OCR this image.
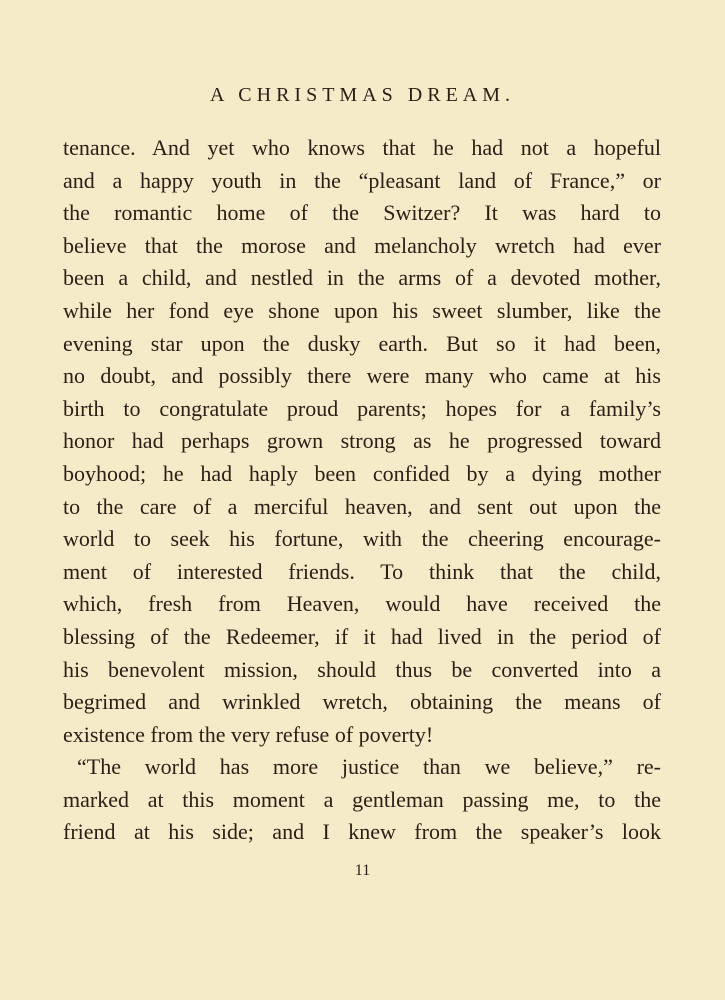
A CHRISTMAS DREAM.
tenance. And yet who knows that he had not a hopeful
and a happy youth in the “pleasant land of France,” or
the romantic home of the Switzer? It was hard to
believe that the morose and melancholy wretch had ever
been a child, and nestled in the arms of a devoted mother,
while her fond eye shone upon his sweet slumber, like the
evening star upon the dusky earth. But so it had been,
no doubt, and possibly there were many who came at his
birth to congratulate proud parents; hopes for a family’s
honor had perhaps grown strong as he progressed toward
boyhood; he had haply been confided by a dying mother
to the care of a merciful heaven, and sent out upon the
world to seek his fortune, with the cheering encourage-
ment of interested friends. To think that the child,
which, fresh from Heaven, would have received the
blessing of the Redeemer, if it had lived in the period of
his benevolent mission, should thus be converted into a
begrimed and wrinkled wretch, obtaining the means of
existence from the very refuse of poverty!
“The world has more justice than we believe,” re-
marked at this moment a gentleman passing me, to the
friend at his side; and I knew from the speaker’s look
11
